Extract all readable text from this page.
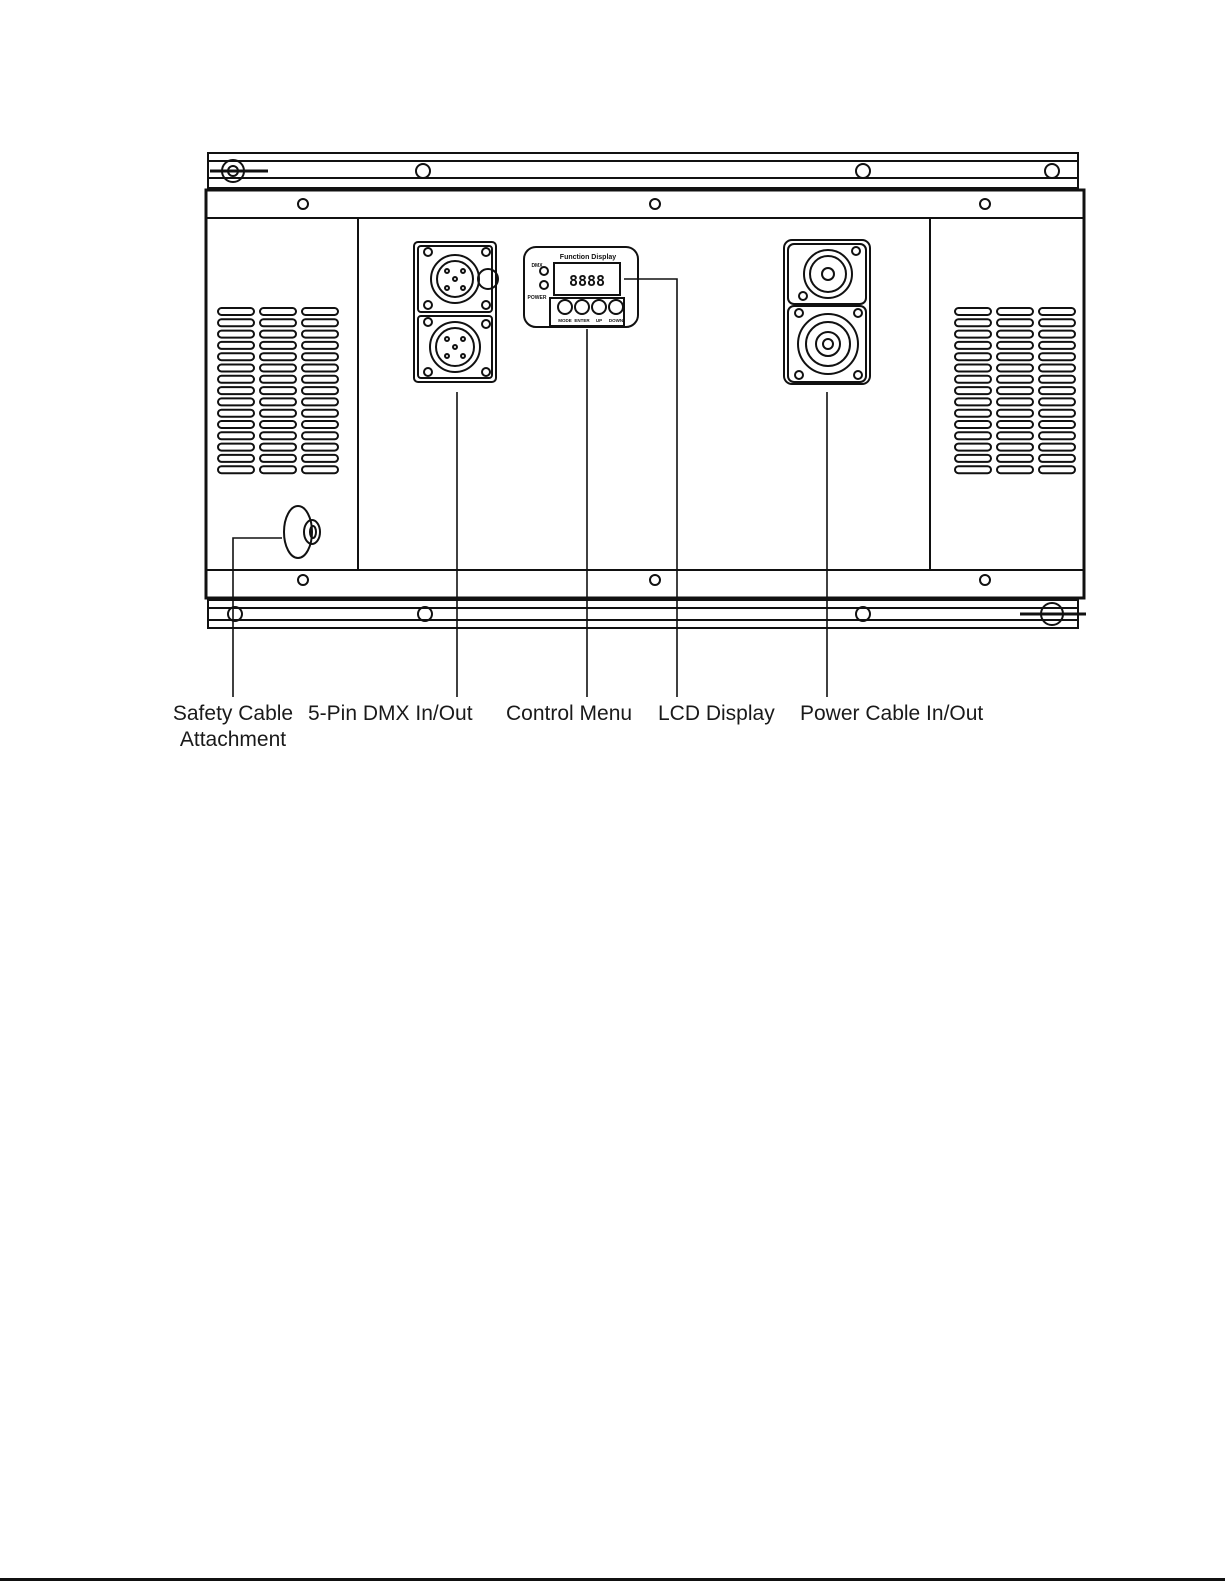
Function Display
DMX
POWER
8888
MODE ENTER UP DOWN
Safety Cable
Attachment
5-Pin DMX In/Out Control Menu LCD Display Power Cable In/Out
